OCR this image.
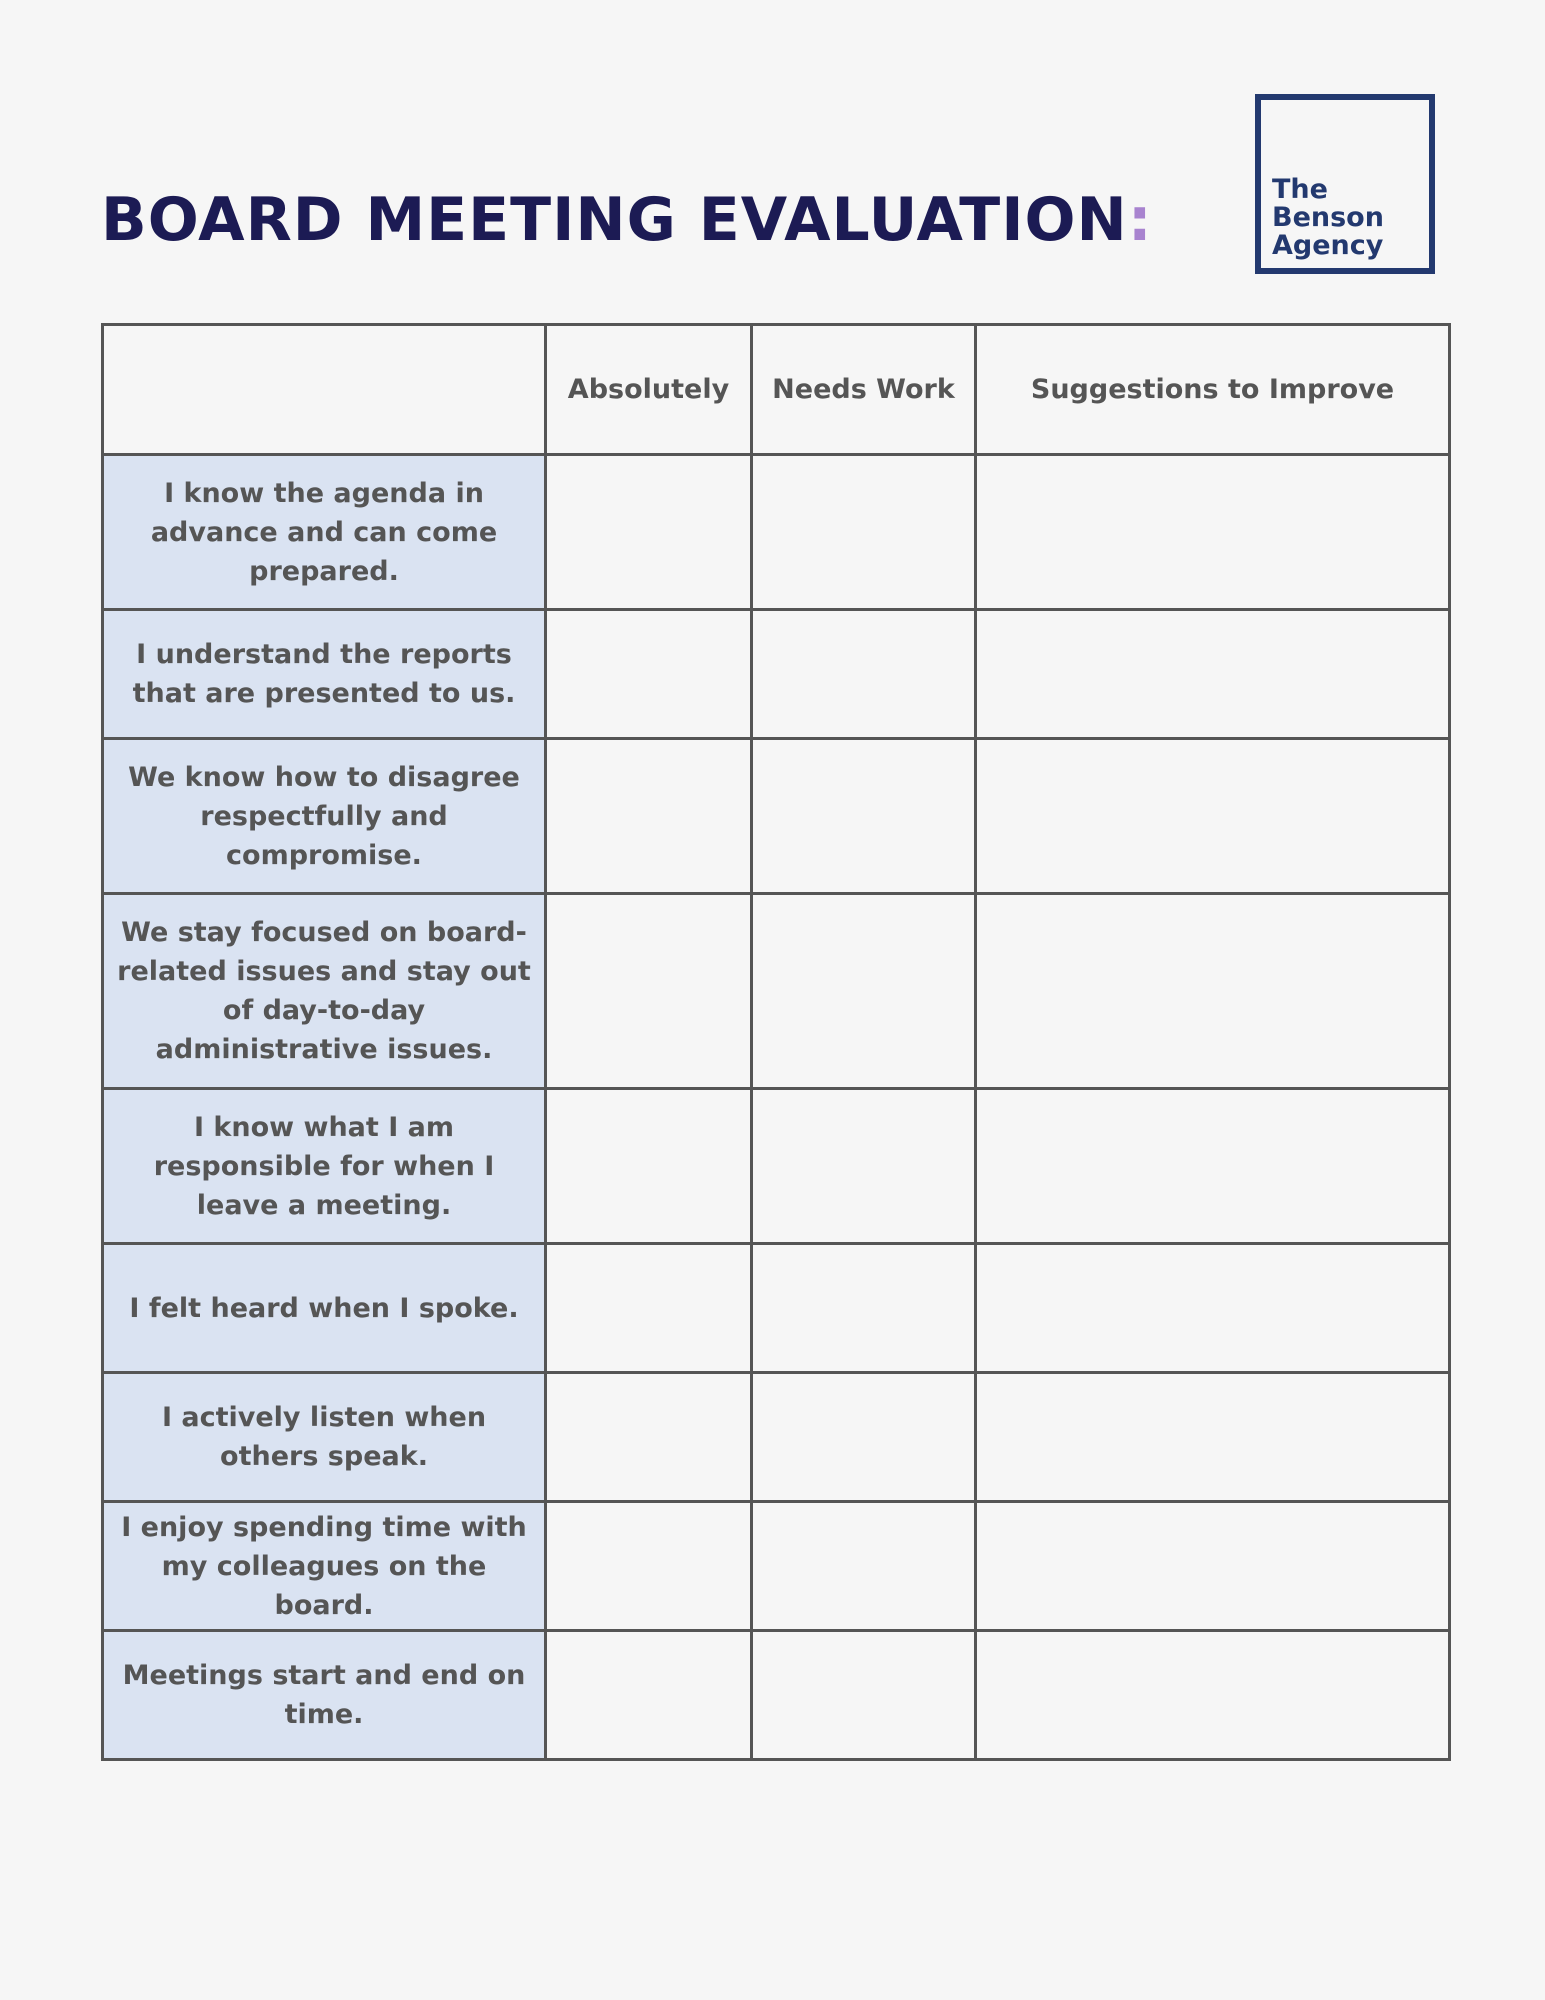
BOARD MEETING EVALUATION:	The
Benson
Agency
	Absolutely	Needs Work	Suggestions to Improve
I know the agenda in advance and can come prepared.			
I understand the reports that are presented to us.			
We know how to disagree respectfully and compromise.			
We stay focused on board-related issues and stay out of day-to-day administrative issues.			
I know what I am responsible for when I leave a meeting.			
I felt heard when I spoke.			
I actively listen when others speak.			
I enjoy spending time with my colleagues on the board.			
Meetings start and end on time.			
